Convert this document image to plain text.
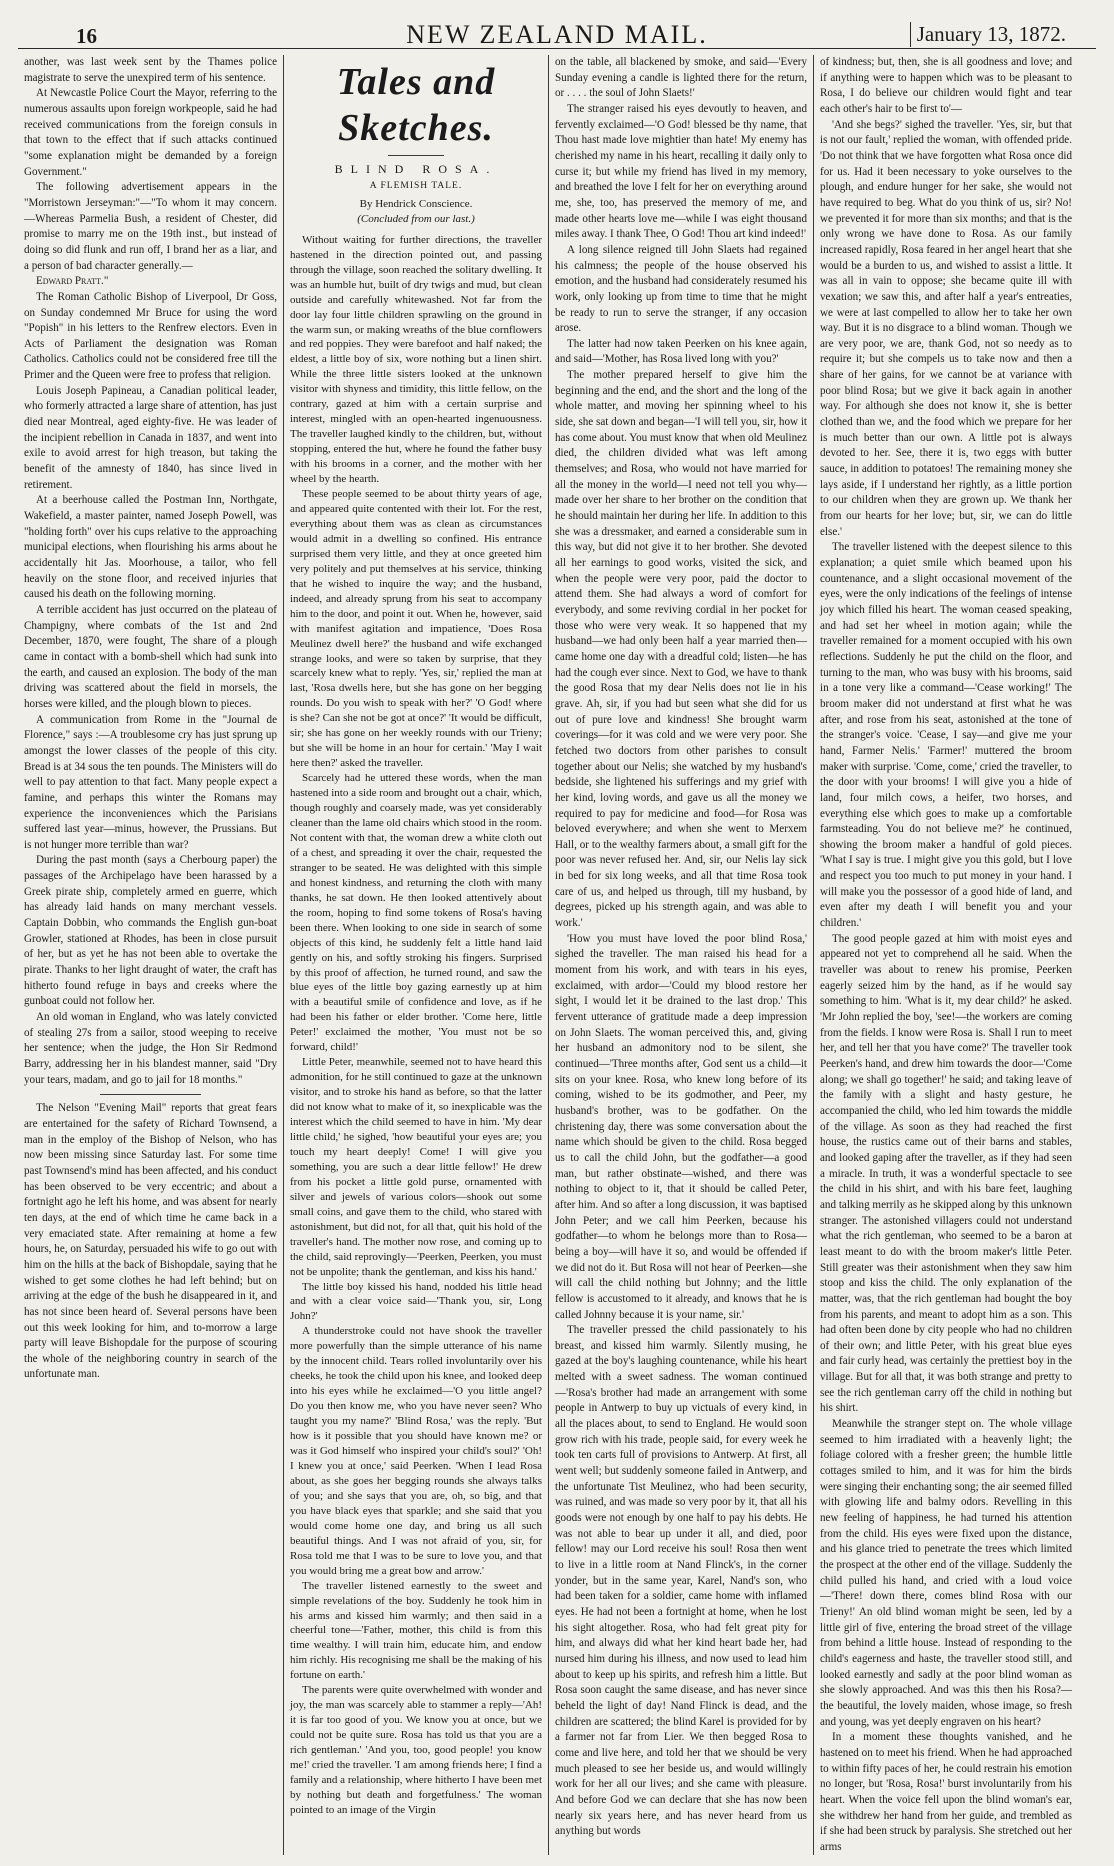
16	NEW ZEALAND MAIL.	January 13, 1872.

another, was last week sent by the Thames police magistrate to serve the unexpired term of his sentence.

At Newcastle Police Court the Mayor, referring to the numerous assaults upon foreign workpeople, said he had received communications from the foreign consuls in that town to the effect that if such attacks continued "some explanation might be demanded by a foreign Government."

The following advertisement appears in the "Morristown Jerseyman:"—"To whom it may concern.—Whereas Parmelia Bush, a resident of Chester, did promise to marry me on the 19th inst., but instead of doing so did flunk and run off, I brand her as a liar, and a person of bad character generally.—

Edward Pratt."

The Roman Catholic Bishop of Liverpool, Dr Goss, on Sunday condemned Mr Bruce for using the word "Popish" in his letters to the Renfrew electors. Even in Acts of Parliament the designation was Roman Catholics. Catholics could not be considered free till the Primer and the Queen were free to profess that religion.

Louis Joseph Papineau, a Canadian political leader, who formerly attracted a large share of attention, has just died near Montreal, aged eighty-five. He was leader of the incipient rebellion in Canada in 1837, and went into exile to avoid arrest for high treason, but taking the benefit of the amnesty of 1840, has since lived in retirement.

At a beerhouse called the Postman Inn, Northgate, Wakefield, a master painter, named Joseph Powell, was "holding forth" over his cups relative to the approaching municipal elections, when flourishing his arms about he accidentally hit Jas. Moorhouse, a tailor, who fell heavily on the stone floor, and received injuries that caused his death on the following morning.

A terrible accident has just occurred on the plateau of Champigny, where combats of the 1st and 2nd December, 1870, were fought, The share of a plough came in contact with a bomb-shell which had sunk into the earth, and caused an explosion. The body of the man driving was scattered about the field in morsels, the horses were killed, and the plough blown to pieces.

A communication from Rome in the "Journal de Florence," says :—A troublesome cry has just sprung up amongst the lower classes of the people of this city. Bread is at 34 sous the ten pounds. The Ministers will do well to pay attention to that fact. Many people expect a famine, and perhaps this winter the Romans may experience the inconveniences which the Parisians suffered last year—minus, however, the Prussians. But is not hunger more terrible than war?

During the past month (says a Cherbourg paper) the passages of the Archipelago have been harassed by a Greek pirate ship, completely armed en guerre, which has already laid hands on many merchant vessels. Captain Dobbin, who commands the English gun-boat Growler, stationed at Rhodes, has been in close pursuit of her, but as yet he has not been able to overtake the pirate. Thanks to her light draught of water, the craft has hitherto found refuge in bays and creeks where the gunboat could not follow her.

An old woman in England, who was lately convicted of stealing 27s from a sailor, stood weeping to receive her sentence; when the judge, the Hon Sir Redmond Barry, addressing her in his blandest manner, said "Dry your tears, madam, and go to jail for 18 months."

The Nelson "Evening Mail" reports that great fears are entertained for the safety of Richard Townsend, a man in the employ of the Bishop of Nelson, who has now been missing since Saturday last. For some time past Townsend's mind has been affected, and his conduct has been observed to be very eccentric; and about a fortnight ago he left his home, and was absent for nearly ten days, at the end of which time he came back in a very emaciated state. After remaining at home a few hours, he, on Saturday, persuaded his wife to go out with him on the hills at the back of Bishopdale, saying that he wished to get some clothes he had left behind; but on arriving at the edge of the bush he disappeared in it, and has not since been heard of. Several persons have been out this week looking for him, and to-morrow a large party will leave Bishopdale for the purpose of scouring the whole of the neighboring country in search of the unfortunate man.

Tales and Sketches.
BLIND ROSA.
A FLEMISH TALE.
By Hendrick Conscience.
(Concluded from our last.)

Without waiting for further directions, the traveller hastened in the direction pointed out, and passing through the village, soon reached the solitary dwelling. It was an humble hut, built of dry twigs and mud, but clean outside and carefully whitewashed. Not far from the door lay four little children sprawling on the ground in the warm sun, or making wreaths of the blue cornflowers and red poppies. They were barefoot and half naked; the eldest, a little boy of six, wore nothing but a linen shirt. While the three little sisters looked at the unknown visitor with shyness and timidity, this little fellow, on the contrary, gazed at him with a certain surprise and interest, mingled with an open-hearted ingenuousness. The traveller laughed kindly to the children, but, without stopping, entered the hut, where he found the father busy with his brooms in a corner, and the mother with her wheel by the hearth.

These people seemed to be about thirty years of age, and appeared quite contented with their lot. For the rest, everything about them was as clean as circumstances would admit in a dwelling so confined. His entrance surprised them very little, and they at once greeted him very politely and put themselves at his service, thinking that he wished to inquire the way; and the husband, indeed, and already sprung from his seat to accompany him to the door, and point it out. When he, however, said with manifest agitation and impatience, 'Does Rosa Meulinez dwell here?' the husband and wife exchanged strange looks, and were so taken by surprise, that they scarcely knew what to reply. 'Yes, sir,' replied the man at last, 'Rosa dwells here, but she has gone on her begging rounds. Do you wish to speak with her?' 'O God! where is she? Can she not be got at once?' 'It would be difficult, sir; she has gone on her weekly rounds with our Trieny; but she will be home in an hour for certain.' 'May I wait here then?' asked the traveller.

Scarcely had he uttered these words, when the man hastened into a side room and brought out a chair, which, though roughly and coarsely made, was yet considerably cleaner than the lame old chairs which stood in the room. Not content with that, the woman drew a white cloth out of a chest, and spreading it over the chair, requested the stranger to be seated. He was delighted with this simple and honest kindness, and returning the cloth with many thanks, he sat down. He then looked attentively about the room, hoping to find some tokens of Rosa's having been there. When looking to one side in search of some objects of this kind, he suddenly felt a little hand laid gently on his, and softly stroking his fingers. Surprised by this proof of affection, he turned round, and saw the blue eyes of the little boy gazing earnestly up at him with a beautiful smile of confidence and love, as if he had been his father or elder brother. 'Come here, little Peter!' exclaimed the mother, 'You must not be so forward, child!'

Little Peter, meanwhile, seemed not to have heard this admonition, for he still continued to gaze at the unknown visitor, and to stroke his hand as before, so that the latter did not know what to make of it, so inexplicable was the interest which the child seemed to have in him. 'My dear little child,' he sighed, 'how beautiful your eyes are; you touch my heart deeply! Come! I will give you something, you are such a dear little fellow!' He drew from his pocket a little gold purse, ornamented with silver and jewels of various colors—shook out some small coins, and gave them to the child, who stared with astonishment, but did not, for all that, quit his hold of the traveller's hand. The mother now rose, and coming up to the child, said reprovingly—'Peerken, Peerken, you must not be unpolite; thank the gentleman, and kiss his hand.'

The little boy kissed his hand, nodded his little head and with a clear voice said—'Thank you, sir, Long John?'

A thunderstroke could not have shook the traveller more powerfully than the simple utterance of his name by the innocent child. Tears rolled involuntarily over his cheeks, he took the child upon his knee, and looked deep into his eyes while he exclaimed—'O you little angel? Do you then know me, who you have never seen? Who taught you my name?' 'Blind Rosa,' was the reply. 'But how is it possible that you should have known me? or was it God himself who inspired your child's soul?' 'Oh! I knew you at once,' said Peerken. 'When I lead Rosa about, as she goes her begging rounds she always talks of you; and she says that you are, oh, so big, and that you have black eyes that sparkle; and she said that you would come home one day, and bring us all such beautiful things. And I was not afraid of you, sir, for Rosa told me that I was to be sure to love you, and that you would bring me a great bow and arrow.'

The traveller listened earnestly to the sweet and simple revelations of the boy. Suddenly he took him in his arms and kissed him warmly; and then said in a cheerful tone—'Father, mother, this child is from this time wealthy. I will train him, educate him, and endow him richly. His recognising me shall be the making of his fortune on earth.'

The parents were quite overwhelmed with wonder and joy, the man was scarcely able to stammer a reply—'Ah! it is far too good of you. We know you at once, but we could not be quite sure. Rosa has told us that you are a rich gentleman.' 'And you, too, good people! you know me!' cried the traveller. 'I am among friends here; I find a family and a relationship, where hitherto I have been met by nothing but death and forgetfulness.' The woman pointed to an image of the Virgin

on the table, all blackened by smoke, and said—'Every Sunday evening a candle is lighted there for the return, or . . . . the soul of John Slaets!'

The stranger raised his eyes devoutly to heaven, and fervently exclaimed—'O God! blessed be thy name, that Thou hast made love mightier than hate! My enemy has cherished my name in his heart, recalling it daily only to curse it; but while my friend has lived in my memory, and breathed the love I felt for her on everything around me, she, too, has preserved the memory of me, and made other hearts love me—while I was eight thousand miles away. I thank Thee, O God! Thou art kind indeed!'

A long silence reigned till John Slaets had regained his calmness; the people of the house observed his emotion, and the husband had considerately resumed his work, only looking up from time to time that he might be ready to run to serve the stranger, if any occasion arose.

The latter had now taken Peerken on his knee again, and said—'Mother, has Rosa lived long with you?'

The mother prepared herself to give him the beginning and the end, and the short and the long of the whole matter, and moving her spinning wheel to his side, she sat down and began—'I will tell you, sir, how it has come about. You must know that when old Meulinez died, the children divided what was left among themselves; and Rosa, who would not have married for all the money in the world—I need not tell you why—made over her share to her brother on the condition that he should maintain her during her life. In addition to this she was a dressmaker, and earned a considerable sum in this way, but did not give it to her brother. She devoted all her earnings to good works, visited the sick, and when the people were very poor, paid the doctor to attend them. She had always a word of comfort for everybody, and some reviving cordial in her pocket for those who were very weak. It so happened that my husband—we had only been half a year married then—came home one day with a dreadful cold; listen—he has had the cough ever since. Next to God, we have to thank the good Rosa that my dear Nelis does not lie in his grave. Ah, sir, if you had but seen what she did for us out of pure love and kindness! She brought warm coverings—for it was cold and we were very poor. She fetched two doctors from other parishes to consult together about our Nelis; she watched by my husband's bedside, she lightened his sufferings and my grief with her kind, loving words, and gave us all the money we required to pay for medicine and food—for Rosa was beloved everywhere; and when she went to Merxem Hall, or to the wealthy farmers about, a small gift for the poor was never refused her. And, sir, our Nelis lay sick in bed for six long weeks, and all that time Rosa took care of us, and helped us through, till my husband, by degrees, picked up his strength again, and was able to work.'

'How you must have loved the poor blind Rosa,' sighed the traveller. The man raised his head for a moment from his work, and with tears in his eyes, exclaimed, with ardor—'Could my blood restore her sight, I would let it be drained to the last drop.' This fervent utterance of gratitude made a deep impression on John Slaets. The woman perceived this, and, giving her husband an admonitory nod to be silent, she continued—'Three months after, God sent us a child—it sits on your knee. Rosa, who knew long before of its coming, wished to be its godmother, and Peer, my husband's brother, was to be godfather. On the christening day, there was some conversation about the name which should be given to the child. Rosa begged us to call the child John, but the godfather—a good man, but rather obstinate—wished, and there was nothing to object to it, that it should be called Peter, after him. And so after a long discussion, it was baptised John Peter; and we call him Peerken, because his godfather—to whom he belongs more than to Rosa—being a boy—will have it so, and would be offended if we did not do it. But Rosa will not hear of Peerken—she will call the child nothing but Johnny; and the little fellow is accustomed to it already, and knows that he is called Johnny because it is your name, sir.'

The traveller pressed the child passionately to his breast, and kissed him warmly. Silently musing, he gazed at the boy's laughing countenance, while his heart melted with a sweet sadness. The woman continued—'Rosa's brother had made an arrangement with some people in Antwerp to buy up victuals of every kind, in all the places about, to send to England. He would soon grow rich with his trade, people said, for every week he took ten carts full of provisions to Antwerp. At first, all went well; but suddenly someone failed in Antwerp, and the unfortunate Tist Meulinez, who had been security, was ruined, and was made so very poor by it, that all his goods were not enough by one half to pay his debts. He was not able to bear up under it all, and died, poor fellow! may our Lord receive his soul! Rosa then went to live in a little room at Nand Flinck's, in the corner yonder, but in the same year, Karel, Nand's son, who had been taken for a soldier, came home with inflamed eyes. He had not been a fortnight at home, when he lost his sight altogether. Rosa, who had felt great pity for him, and always did what her kind heart bade her, had nursed him during his illness, and now used to lead him about to keep up his spirits, and refresh him a little. But Rosa soon caught the same disease, and has never since beheld the light of day! Nand Flinck is dead, and the children are scattered; the blind Karel is provided for by a farmer not far from Lier. We then begged Rosa to come and live here, and told her that we should be very much pleased to see her beside us, and would willingly work for her all our lives; and she came with pleasure. And before God we can declare that she has now been nearly six years here, and has never heard from us anything but words

of kindness; but, then, she is all goodness and love; and if anything were to happen which was to be pleasant to Rosa, I do believe our children would fight and tear each other's hair to be first to'—

'And she begs?' sighed the traveller. 'Yes, sir, but that is not our fault,' replied the woman, with offended pride. 'Do not think that we have forgotten what Rosa once did for us. Had it been necessary to yoke ourselves to the plough, and endure hunger for her sake, she would not have required to beg. What do you think of us, sir? No! we prevented it for more than six months; and that is the only wrong we have done to Rosa. As our family increased rapidly, Rosa feared in her angel heart that she would be a burden to us, and wished to assist a little. It was all in vain to oppose; she became quite ill with vexation; we saw this, and after half a year's entreaties, we were at last compelled to allow her to take her own way. But it is no disgrace to a blind woman. Though we are very poor, we are, thank God, not so needy as to require it; but she compels us to take now and then a share of her gains, for we cannot be at variance with poor blind Rosa; but we give it back again in another way. For although she does not know it, she is better clothed than we, and the food which we prepare for her is much better than our own. A little pot is always devoted to her. See, there it is, two eggs with butter sauce, in addition to potatoes! The remaining money she lays aside, if I understand her rightly, as a little portion to our children when they are grown up. We thank her from our hearts for her love; but, sir, we can do little else.'

The traveller listened with the deepest silence to this explanation; a quiet smile which beamed upon his countenance, and a slight occasional movement of the eyes, were the only indications of the feelings of intense joy which filled his heart. The woman ceased speaking, and had set her wheel in motion again; while the traveller remained for a moment occupied with his own reflections. Suddenly he put the child on the floor, and turning to the man, who was busy with his brooms, said in a tone very like a command—'Cease working!' The broom maker did not understand at first what he was after, and rose from his seat, astonished at the tone of the stranger's voice. 'Cease, I say—and give me your hand, Farmer Nelis.' 'Farmer!' muttered the broom maker with surprise. 'Come, come,' cried the traveller, to the door with your brooms! I will give you a hide of land, four milch cows, a heifer, two horses, and everything else which goes to make up a comfortable farmsteading. You do not believe me?' he continued, showing the broom maker a handful of gold pieces. 'What I say is true. I might give you this gold, but I love and respect you too much to put money in your hand. I will make you the possessor of a good hide of land, and even after my death I will benefit you and your children.'

The good people gazed at him with moist eyes and appeared not yet to comprehend all he said. When the traveller was about to renew his promise, Peerken eagerly seized him by the hand, as if he would say something to him. 'What is it, my dear child?' he asked. 'Mr John replied the boy, 'see!—the workers are coming from the fields. I know were Rosa is. Shall I run to meet her, and tell her that you have come?' The traveller took Peerken's hand, and drew him towards the door—'Come along; we shall go together!' he said; and taking leave of the family with a slight and hasty gesture, he accompanied the child, who led him towards the middle of the village. As soon as they had reached the first house, the rustics came out of their barns and stables, and looked gaping after the traveller, as if they had seen a miracle. In truth, it was a wonderful spectacle to see the child in his shirt, and with his bare feet, laughing and talking merrily as he skipped along by this unknown stranger. The astonished villagers could not understand what the rich gentleman, who seemed to be a baron at least meant to do with the broom maker's little Peter. Still greater was their astonishment when they saw him stoop and kiss the child. The only explanation of the matter, was, that the rich gentleman had bought the boy from his parents, and meant to adopt him as a son. This had often been done by city people who had no children of their own; and little Peter, with his great blue eyes and fair curly head, was certainly the prettiest boy in the village. But for all that, it was both strange and pretty to see the rich gentleman carry off the child in nothing but his shirt.

Meanwhile the stranger stept on. The whole village seemed to him irradiated with a heavenly light; the foliage colored with a fresher green; the humble little cottages smiled to him, and it was for him the birds were singing their enchanting song; the air seemed filled with glowing life and balmy odors. Revelling in this new feeling of happiness, he had turned his attention from the child. His eyes were fixed upon the distance, and his glance tried to penetrate the trees which limited the prospect at the other end of the village. Suddenly the child pulled his hand, and cried with a loud voice—'There! down there, comes blind Rosa with our Trieny!' An old blind woman might be seen, led by a little girl of five, entering the broad street of the village from behind a little house. Instead of responding to the child's eagerness and haste, the traveller stood still, and looked earnestly and sadly at the poor blind woman as she slowly approached. And was this then his Rosa?—the beautiful, the lovely maiden, whose image, so fresh and young, was yet deeply engraven on his heart?

In a moment these thoughts vanished, and he hastened on to meet his friend. When he had approached to within fifty paces of her, he could restrain his emotion no longer, but 'Rosa, Rosa!' burst involuntarily from his heart. When the voice fell upon the blind woman's ear, she withdrew her hand from her guide, and trembled as if she had been struck by paralysis. She stretched out her arms
